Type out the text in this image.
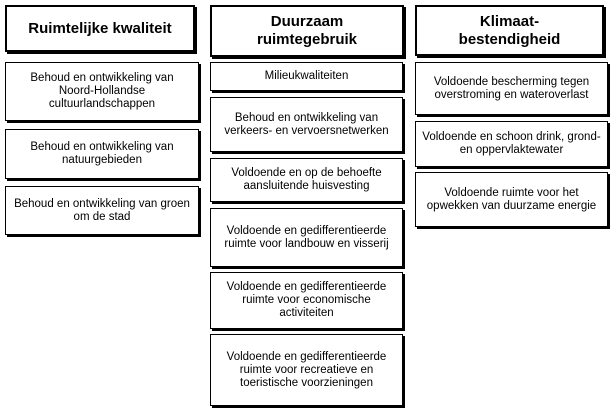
Ruimtelijke kwaliteit
Behoud en ontwikkeling van Noord-Hollandse cultuurlandschappen
Behoud en ontwikkeling van natuurgebieden
Behoud en ontwikkeling van groen om de stad
Duurzaam ruimtegebruik
Milieukwaliteiten
Behoud en ontwikkeling van verkeers- en vervoersnetwerken
Voldoende en op de behoefte aansluitende huisvesting
Voldoende en gedifferentieerde ruimte voor landbouw en visserij
Voldoende en gedifferentieerde ruimte voor economische activiteiten
Voldoende en gedifferentieerde ruimte voor recreatieve en toeristische voorzieningen
Klimaat-bestendigheid
Voldoende bescherming tegen overstroming en wateroverlast
Voldoende en schoon drink, grond- en oppervlaktewater
Voldoende ruimte voor het opwekken van duurzame energie
